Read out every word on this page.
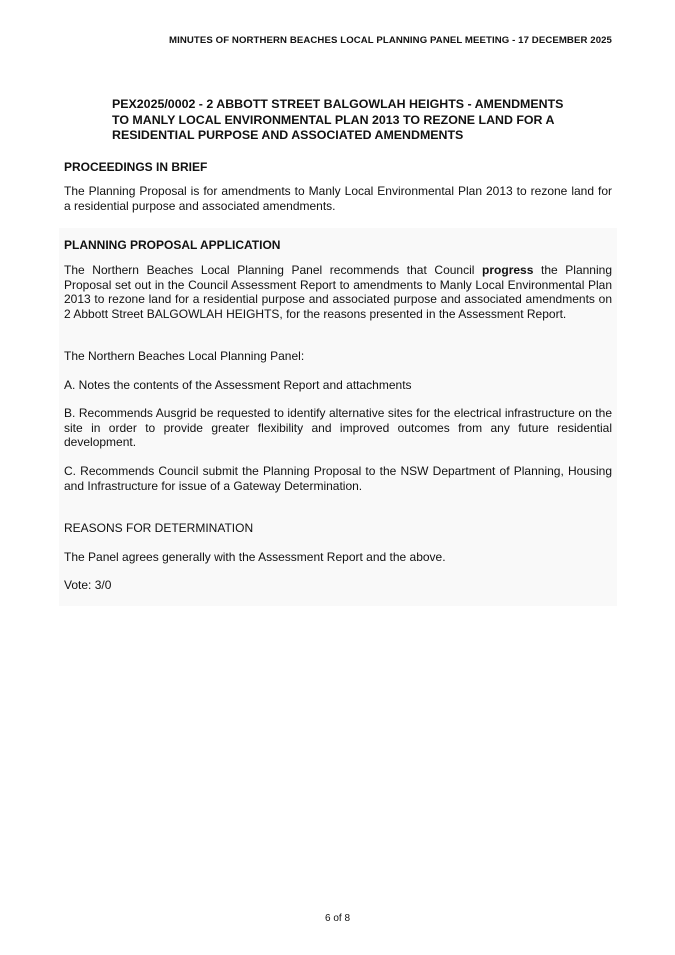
MINUTES OF NORTHERN BEACHES LOCAL PLANNING PANEL MEETING - 17 DECEMBER 2025
PEX2025/0002 - 2 ABBOTT STREET BALGOWLAH HEIGHTS - AMENDMENTS
TO MANLY LOCAL ENVIRONMENTAL PLAN 2013 TO REZONE LAND FOR A
RESIDENTIAL PURPOSE AND ASSOCIATED AMENDMENTS
PROCEEDINGS IN BRIEF
The Planning Proposal is for amendments to Manly Local Environmental Plan 2013 to rezone land for a residential purpose and associated amendments.
PLANNING PROPOSAL APPLICATION
The Northern Beaches Local Planning Panel recommends that Council progress the Planning Proposal set out in the Council Assessment Report to amendments to Manly Local Environmental Plan 2013 to rezone land for a residential purpose and associated purpose and associated amendments on 2 Abbott Street BALGOWLAH HEIGHTS, for the reasons presented in the Assessment Report.
The Northern Beaches Local Planning Panel:
A. Notes the contents of the Assessment Report and attachments
B. Recommends Ausgrid be requested to identify alternative sites for the electrical infrastructure on the site in order to provide greater flexibility and improved outcomes from any future residential development.
C. Recommends Council submit the Planning Proposal to the NSW Department of Planning, Housing and Infrastructure for issue of a Gateway Determination.
REASONS FOR DETERMINATION
The Panel agrees generally with the Assessment Report and the above.
Vote: 3/0
6 of 8
